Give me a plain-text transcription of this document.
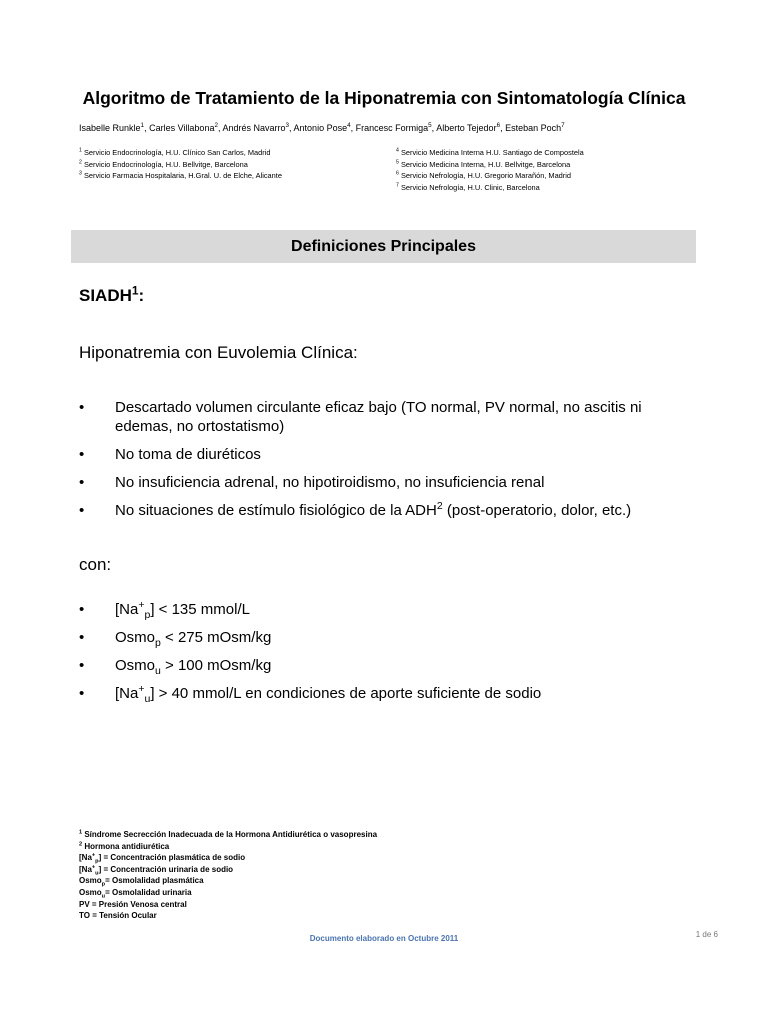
Algoritmo de Tratamiento de la Hiponatremia con Sintomatología Clínica
Isabelle Runkle$^1$, Carles Villabona$^2$, Andrés Navarro$^3$, Antonio Pose$^4$, Francesc Formiga$^5$, Alberto Tejedor$^6$, Esteban Poch$^7$
$^1$ Servicio Endocrinología, H.U. Clínico San Carlos, Madrid
$^2$ Servicio Endocrinología, H.U. Bellvitge, Barcelona
$^3$ Servicio Farmacia Hospitalaria, H.Gral. U. de Elche, Alicante
$^4$ Servicio Medicina Interna H.U. Santiago de Compostela
$^5$ Servicio Medicina Interna, H.U. Bellvitge, Barcelona
$^6$ Servicio Nefrología, H.U. Gregorio Marañón, Madrid
$^7$ Servicio Nefrología, H.U. Clinic, Barcelona
Definiciones Principales
SIADH$^1$:
Hiponatremia con Euvolemia Clínica:
•	Descartado volumen circulante eficaz bajo (TO normal, PV normal, no ascitis ni edemas, no ortostatismo)
•	No toma de diuréticos
•	No insuficiencia adrenal, no hipotiroidismo, no insuficiencia renal
•	No situaciones de estímulo fisiológico de la ADH$^2$ (post-operatorio, dolor, etc.)
con:
•	$[Na^+_p] < 135$ mmol/L
•	Osmo$_p$ < 275 mOsm/kg
•	Osmo$_u$ > 100 mOsm/kg
•	$[Na^+_u] > 40$ mmol/L en condiciones de aporte suficiente de sodio
$^1$ Síndrome Secrección Inadecuada de la Hormona Antidiurética o vasopresina
$^2$ Hormona antidiurética
$[Na^+_p]$ = Concentración plasmática de sodio
$[Na^+_u]$ = Concentración urinaria de sodio
Osmo$_p$= Osmolalidad plasmática
Osmo$_u$= Osmolalidad urinaria
PV = Presión Venosa central
TO = Tensión Ocular
Documento elaborado en Octubre 2011	1 de 6
